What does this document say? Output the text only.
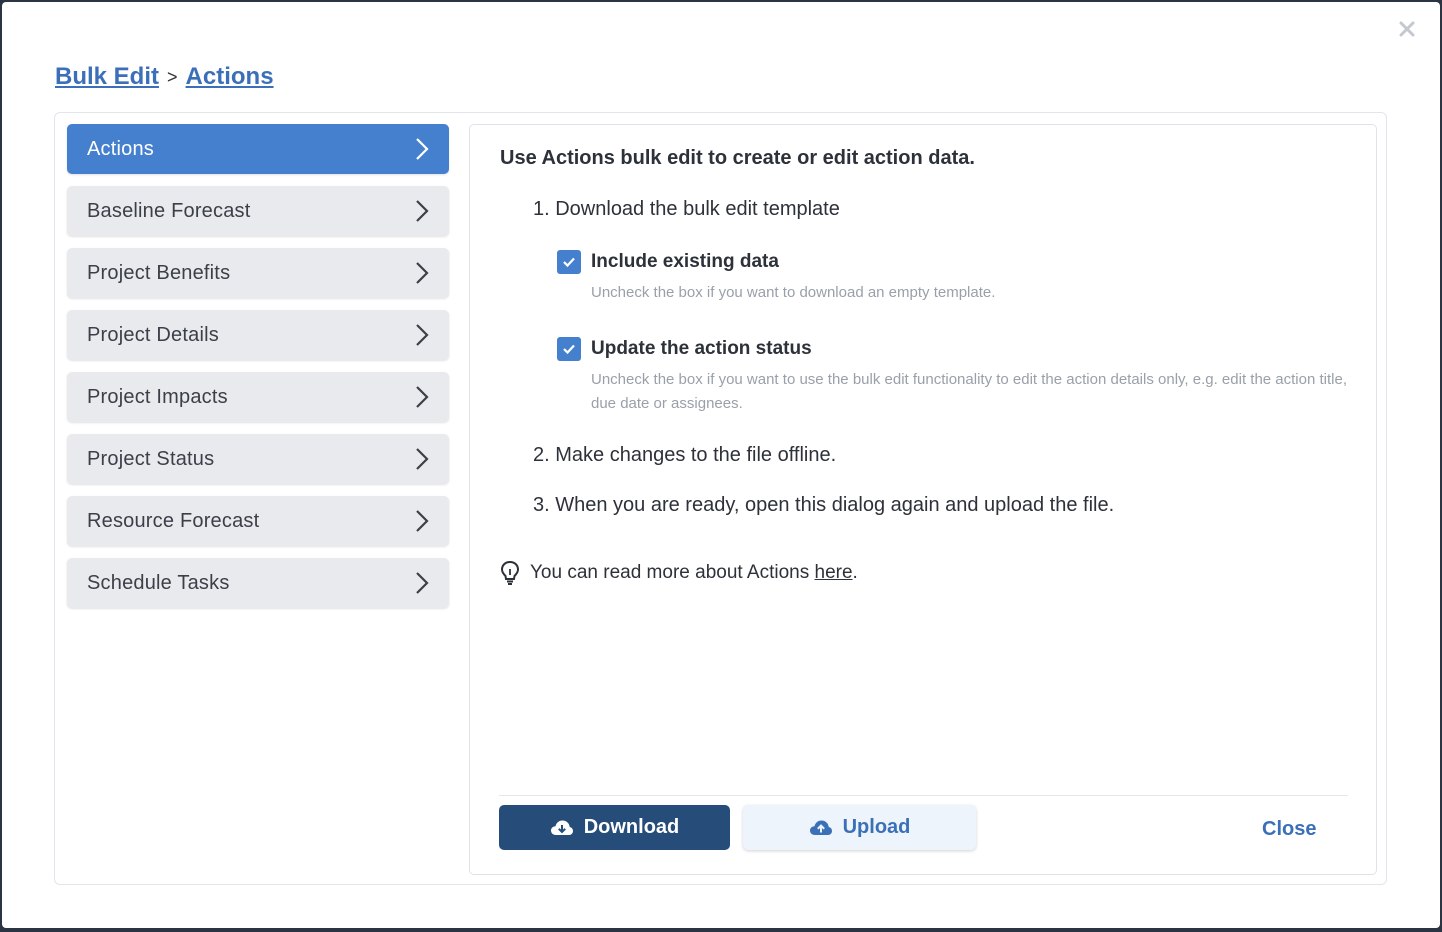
Bulk Edit > Actions
Actions
Baseline Forecast
Project Benefits
Project Details
Project Impacts
Project Status
Resource Forecast
Schedule Tasks
Use Actions bulk edit to create or edit action data.
1. Download the bulk edit template
Include existing data
Uncheck the box if you want to download an empty template.
Update the action status
Uncheck the box if you want to use the bulk edit functionality to edit the action details only, e.g. edit the action title, due date or assignees.
2. Make changes to the file offline.
3. When you are ready, open this dialog again and upload the file.
You can read more about Actions
here .
Download	Upload	Close
